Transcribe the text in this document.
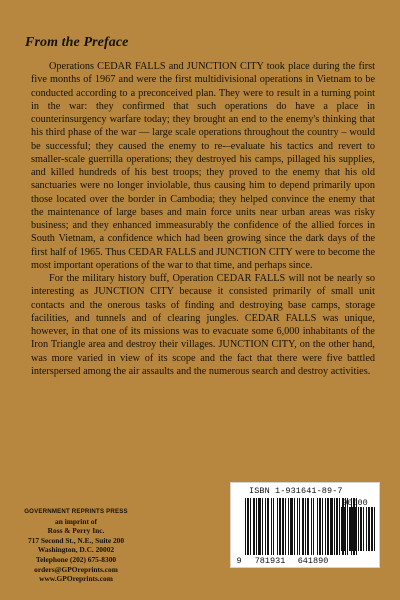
From the Preface

Operations CEDAR FALLS and JUNCTION CITY took place during the first five months of 1967 and were the first multidivisional operations in Vietnam to be conducted according to a preconceived plan. They were to result in a turning point in the war: they confirmed that such operations do have a place in counterinsurgency warfare today; they brought an end to the enemy's thinking that his third phase of the war — large scale operations throughout the country – would be successful; they caused the enemy to re-–evaluate his tactics and revert to smaller-scale guerrilla operations; they destroyed his camps, pillaged his supplies, and killed hundreds of his best troops; they proved to the enemy that his old sanctuaries were no longer inviolable, thus causing him to depend primarily upon those located over the border in Cambodia; they helped convince the enemy that the maintenance of large bases and main force units near urban areas was risky business; and they enhanced immeasurably the confidence of the allied forces in South Vietnam, a confidence which had been growing since the dark days of the first half of 1965. Thus CEDAR FALLS and JUNCTION CITY were to become the most important operations of the war to that time, and perhaps since.

For the military history buff, Operation CEDAR FALLS will not be nearly so interesting as JUNCTION CITY because it consisted primarily of small unit contacts and the onerous tasks of finding and destroying base camps, storage facilities, and tunnels and of clearing jungles. CEDAR FALLS was unique, however, in that one of its missions was to evacuate some 6,000 inhabitants of the Iron Triangle area and destroy their villages. JUNCTION CITY, on the other hand, was more varied in view of its scope and the fact that there were five battled interspersed among the air assaults and the numerous search and destroy activities.

GOVERNMENT REPRINTS PRESS
an imprint of
Ross & Perry Inc.
717 Second St., N.E., Suite 200
Washington, D.C. 20002
Telephone (202) 675-8300
orders@GPOreprints.com
www.GPOreprints.com
ISBN 1-931641-89-7
90000
9 781931 641890
